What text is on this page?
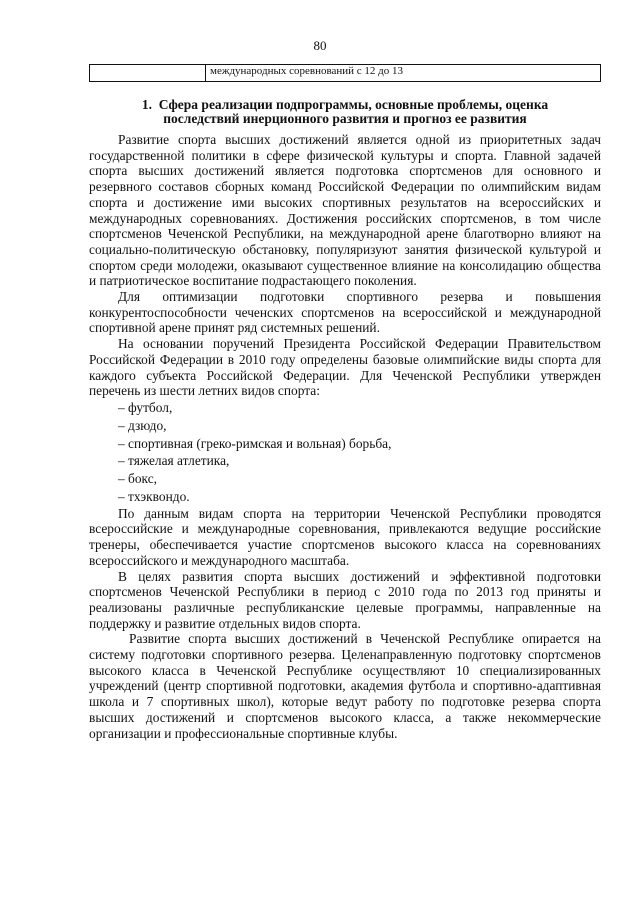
80
	международных соревнований с 12 до 13
1.  Сфера реализации подпрограммы, основные проблемы, оценка
последствий инерционного развития и прогноз ее развития

Развитие спорта высших достижений является одной из приоритетных задач государственной политики в сфере физической культуры и спорта. Главной задачей спорта высших достижений является подготовка спортсменов для основного и резервного составов сборных команд Российской Федерации по олимпийским видам спорта и достижение ими высоких спортивных результатов на всероссийских и международных соревнованиях. Достижения российских спортсменов, в том числе спортсменов Чеченской Республики, на международной арене благотворно влияют на социально-политическую обстановку, популяризуют занятия физической культурой и спортом среди молодежи, оказывают существенное влияние на консолидацию общества и патриотическое воспитание подрастающего поколения.

Для оптимизации подготовки спортивного резерва и повышения конкурентоспособности чеченских спортсменов на всероссийской и международной спортивной арене принят ряд системных решений.

На основании поручений Президента Российской Федерации Правительством Российской Федерации в 2010 году определены базовые олимпийские виды спорта для каждого субъекта Российской Федерации. Для Чеченской Республики утвержден перечень из шести летних видов спорта:

– футбол,
– дзюдо,
– спортивная (греко-римская и вольная) борьба,
– тяжелая атлетика,
– бокс,
– тхэквондо.

По данным видам спорта на территории Чеченской Республики проводятся всероссийские и международные соревнования, привлекаются ведущие российские тренеры, обеспечивается участие спортсменов высокого класса на соревнованиях всероссийского и международного масштаба.

В целях развития спорта высших достижений и эффективной подготовки спортсменов Чеченской Республики в период с 2010 года по 2013 год приняты и реализованы различные республиканские целевые программы, направленные на поддержку и развитие отдельных видов спорта.

Развитие спорта высших достижений в Чеченской Республике опирается на систему подготовки спортивного резерва. Целенаправленную подготовку спортсменов высокого класса в Чеченской Республике осуществляют 10 специализированных учреждений (центр спортивной подготовки, академия футбола и спортивно-адаптивная школа и 7 спортивных школ), которые ведут работу по подготовке резерва спорта высших достижений и спортсменов высокого класса, а также некоммерческие организации и профессиональные спортивные клубы.
